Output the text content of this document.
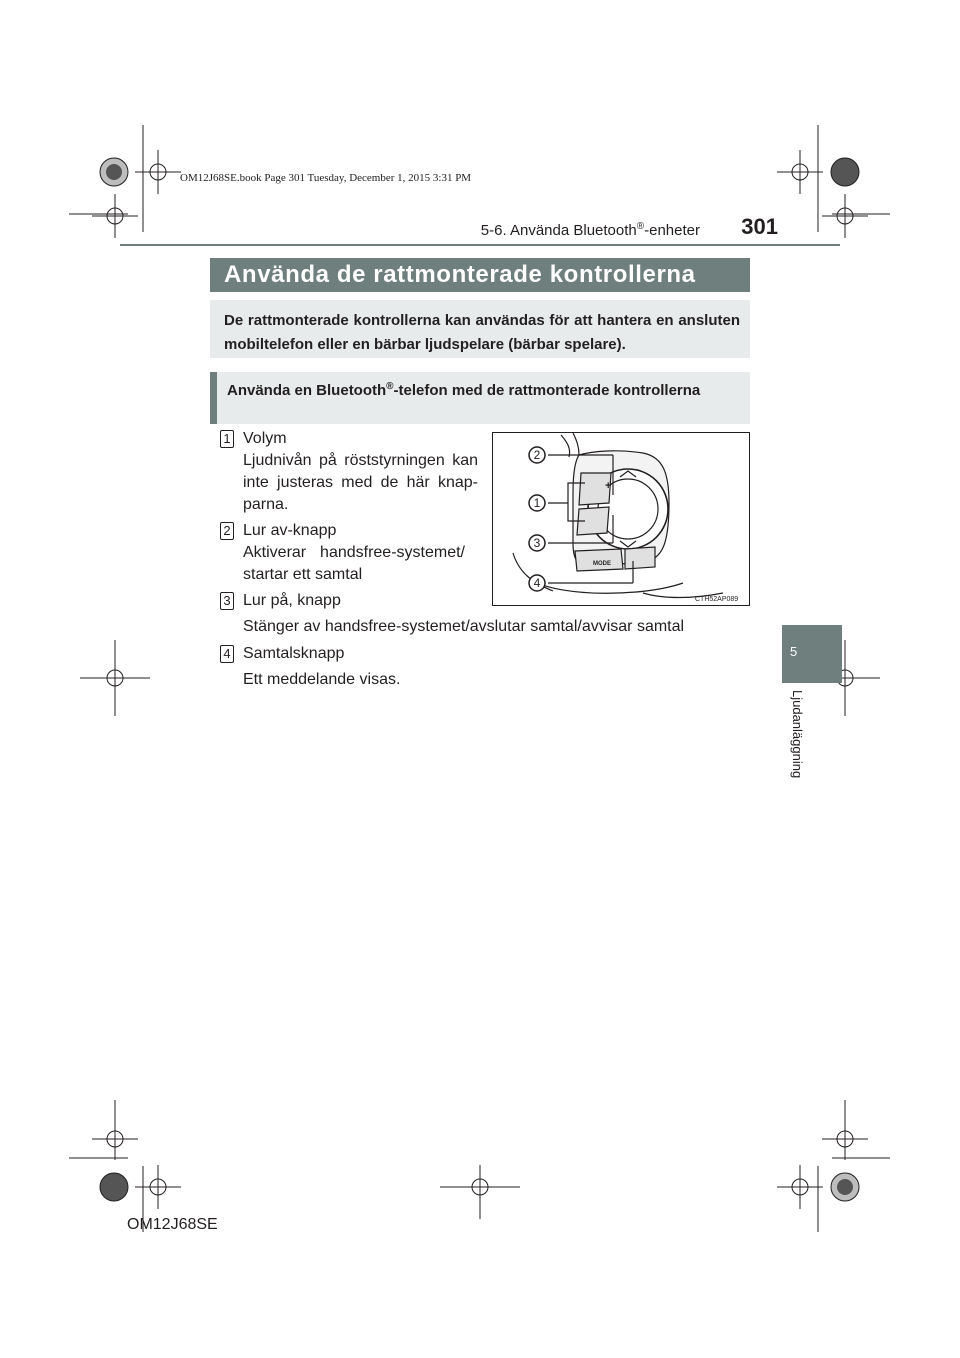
OM12J68SE.book Page 301 Tuesday, December 1, 2015 3:31 PM
5-6. Använda Bluetooth®-enheter	301
Använda de rattmonterade kontrollerna
De rattmonterade kontrollerna kan användas för att hantera en ansluten mobiltelefon eller en bärbar ljudspelare (bärbar spelare).
Använda en Bluetooth®-telefon med de rattmonterade kontrollerna
+
MODE
CTH52AP089
2
1
3
4
1 Volym
Ljudnivån på röststyrningen kan inte justeras med de här knap-parna.
2 Lur av-knapp
Aktiverar handsfree-systemet/ startar ett samtal
3 Lur på, knapp
Stänger av handsfree-systemet/avslutar samtal/avvisar samtal
4 Samtalsknapp
Ett meddelande visas.
5
Ljudanläggning
OM12J68SE
